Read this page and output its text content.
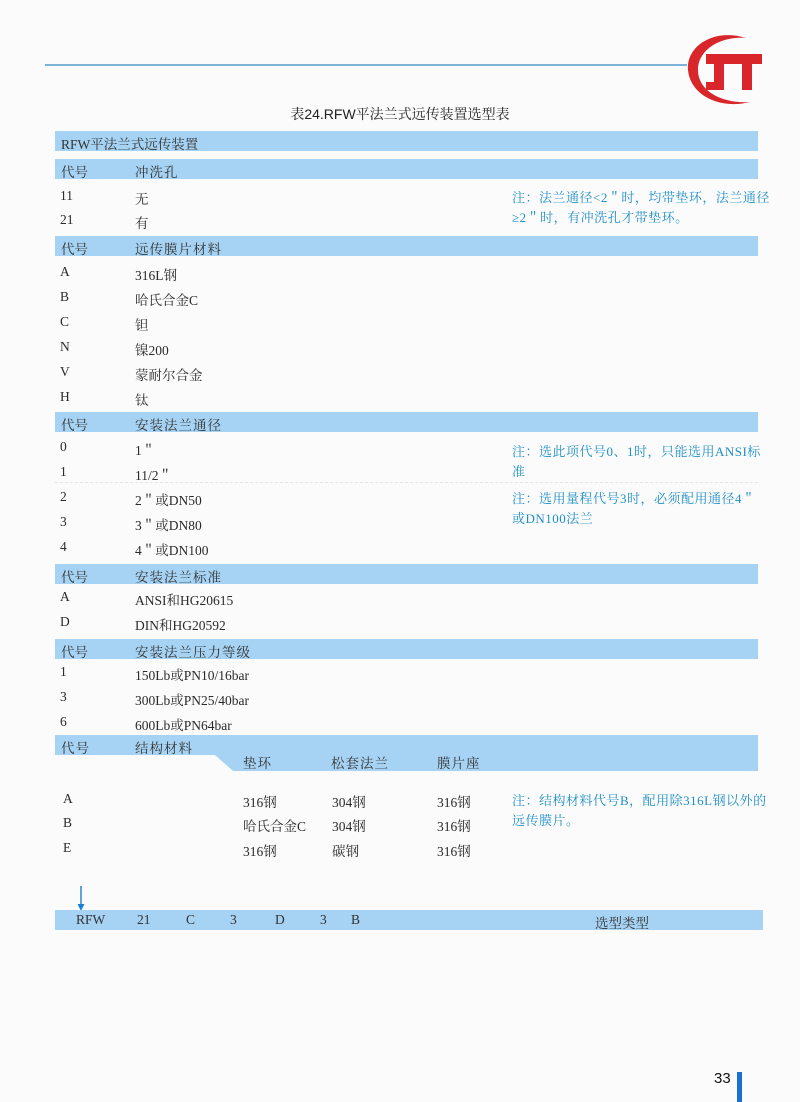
表24.RFW平法兰式远传装置选型表
RFW平法兰式远传装置
代号	冲洗孔
11	无
21	有
注：法兰通径<2＂时，均带垫环，法兰通径≥2＂时，有冲洗孔才带垫环。
代号	远传膜片材料
A	316L钢
B	哈氏合金C
C	钽
N	镍200
V	蒙耐尔合金
H	钛
代号	安装法兰通径
0	1＂
1	11/2＂
2	2＂或DN50
3	3＂或DN80
4	4＂或DN100
注：选此项代号0、1时，只能选用ANSI标准
注：选用量程代号3时，必须配用通径4＂或DN100法兰
代号	安装法兰标准
A	ANSI和HG20615
D	DIN和HG20592
代号	安装法兰压力等级
1	150Lb或PN10/16bar
3	300Lb或PN25/40bar
6	600Lb或PN64bar
代号	结构材料
垫环	松套法兰	膜片座
A	316钢	304钢	316钢
B	哈氏合金C 304钢	316钢
E	316钢	碳钢	316钢
注：结构材料代号B，配用除316L钢以外的远传膜片。
RFW 21	C	3	D	3 B	选型类型
33
